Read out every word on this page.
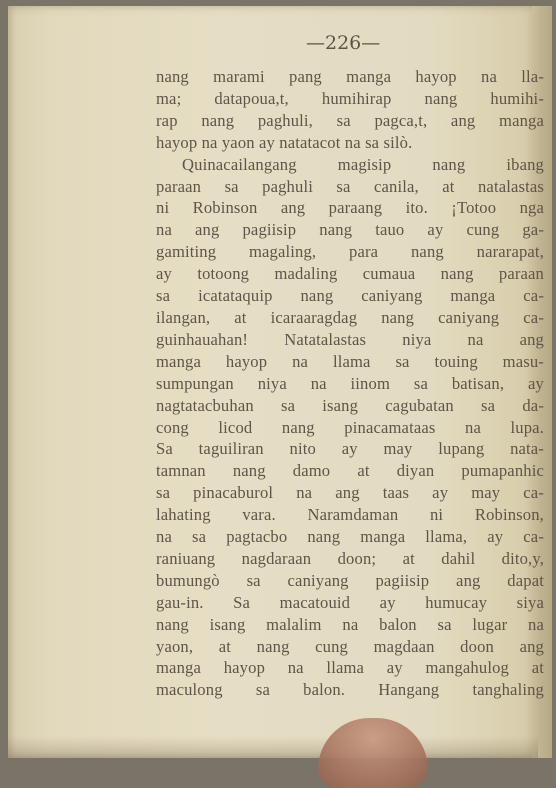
—226—
nang marami pang manga hayop na lla-
ma; datapoua,t, humihirap nang humihi-
rap nang paghuli, sa pagca,t, ang manga
hayop na yaon ay natatacot na sa silò.
Quinacailangang magisip nang ibang
paraan sa paghuli sa canila, at natalastas
ni Robinson ang paraang ito. ¡Totoo nga
na ang pagiisip nang tauo ay cung ga-
gamiting magaling, para nang nararapat,
ay totoong madaling cumaua nang paraan
sa icatataquip nang caniyang manga ca-
ilangan, at icaraaragdag nang caniyang ca-
guinhauahan! Natatalastas niya na ang
manga hayop na llama sa touing masu-
sumpungan niya na iinom sa batisan, ay
nagtatacbuhan sa isang cagubatan sa da-
cong licod nang pinacamataas na lupa.
Sa taguiliran nito ay may lupang nata-
tamnan nang damo at diyan pumapanhic
sa pinacaburol na ang taas ay may ca-
lahating vara. Naramdaman ni Robinson,
na sa pagtacbo nang manga llama, ay ca-
raniuang nagdaraan doon; at dahil dito,y,
bumungò sa caniyang pagiisip ang dapat
gau-in. Sa macatouid ay humucay siya
nang isang malalim na balon sa lugar na
yaon, at nang cung magdaan doon ang
manga hayop na llama ay mangahulog at
maculong sa balon. Hangang tanghaling
